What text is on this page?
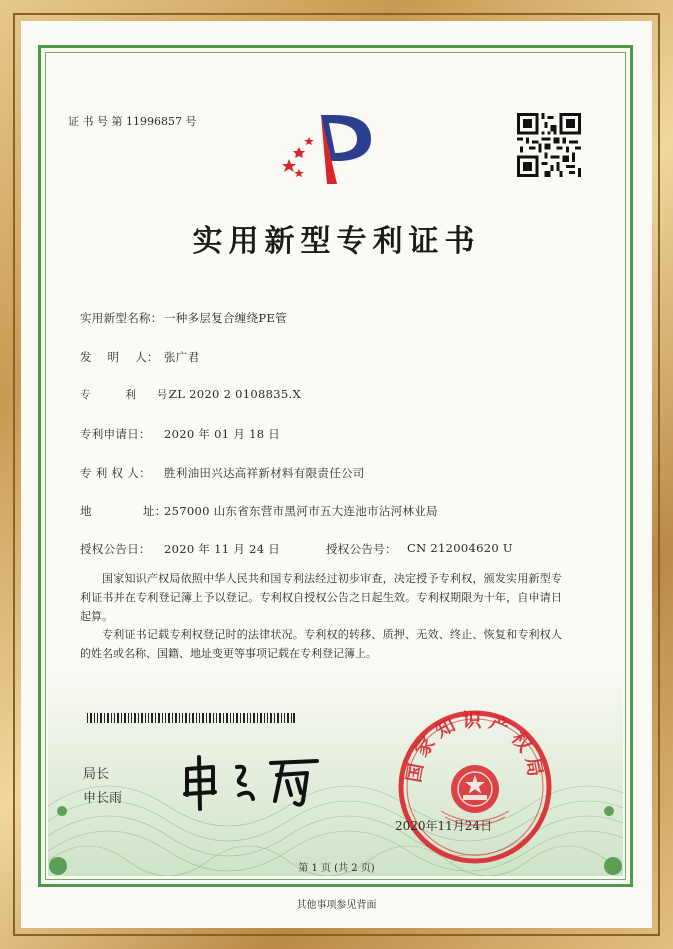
证 书 号 第 11996857 号
实用新型专利证书
实用新型名称： 一种多层复合缠绕PE管
发　 明　 人： 张广君
专　　　 利　　号：
ZL 2020 2 0108835.X
专利申请日： 2020 年 01 月 18 日
专 利 权 人： 胜利油田兴达高祥新材料有限责任公司
地　　　　 址：
257000 山东省东营市黑河市五大连池市沾河林业局
授权公告日： 2020 年 11 月 24 日	授权公告号： CN 212004620 U
国家知识产权局依照中华人民共和国专利法经过初步审查，决定授予专利权，颁发实用新型专利证书并在专利登记簿上予以登记。专利权自授权公告之日起生效。专利权期限为十年，自申请日起算。
专利证书记载专利权登记时的法律状况。专利权的转移、质押、无效、终止、恢复和专利权人的姓名或名称、国籍、地址变更等事项记载在专利登记簿上。
局长
申长雨
国家知识产权局
2020年11月24日
第 1 页 (共 2 页)
其他事项参见背面
